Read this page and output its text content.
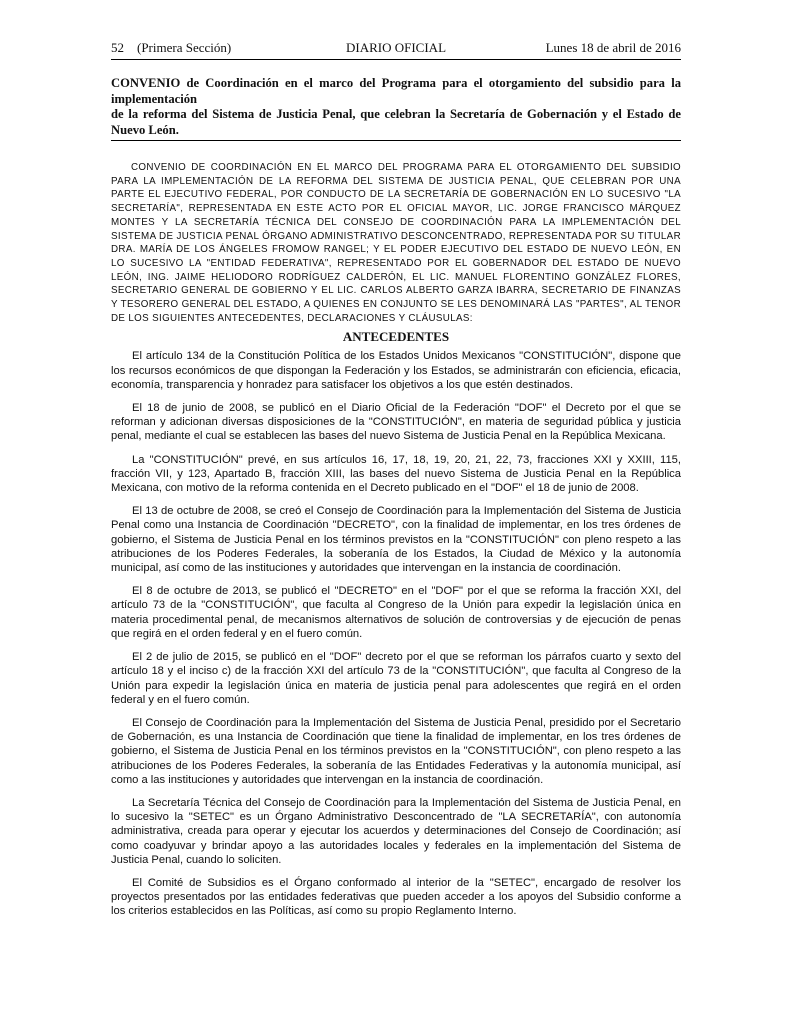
52 (Primera Sección)	DIARIO OFICIAL	Lunes 18 de abril de 2016
CONVENIO de Coordinación en el marco del Programa para el otorgamiento del subsidio para la implementación
de la reforma del Sistema de Justicia Penal, que celebran la Secretaría de Gobernación y el Estado de Nuevo León.
CONVENIO DE COORDINACIÓN EN EL MARCO DEL PROGRAMA PARA EL OTORGAMIENTO DEL SUBSIDIO PARA LA IMPLEMENTACIÓN DE LA REFORMA DEL SISTEMA DE JUSTICIA PENAL, QUE CELEBRAN POR UNA PARTE EL EJECUTIVO FEDERAL, POR CONDUCTO DE LA SECRETARÍA DE GOBERNACIÓN EN LO SUCESIVO "LA SECRETARÍA", REPRESENTADA EN ESTE ACTO POR EL OFICIAL MAYOR, LIC. JORGE FRANCISCO MÁRQUEZ MONTES Y LA SECRETARÍA TÉCNICA DEL CONSEJO DE COORDINACIÓN PARA LA IMPLEMENTACIÓN DEL SISTEMA DE JUSTICIA PENAL ÓRGANO ADMINISTRATIVO DESCONCENTRADO, REPRESENTADA POR SU TITULAR DRA. MARÍA DE LOS ÁNGELES FROMOW RANGEL; Y EL PODER EJECUTIVO DEL ESTADO DE NUEVO LEÓN, EN LO SUCESIVO LA "ENTIDAD FEDERATIVA", REPRESENTADO POR EL GOBERNADOR DEL ESTADO DE NUEVO LEÓN, ING. JAIME HELIODORO RODRÍGUEZ CALDERÓN, EL LIC. MANUEL FLORENTINO GONZÁLEZ FLORES, SECRETARIO GENERAL DE GOBIERNO Y EL LIC. CARLOS ALBERTO GARZA IBARRA, SECRETARIO DE FINANZAS Y TESORERO GENERAL DEL ESTADO, A QUIENES EN CONJUNTO SE LES DENOMINARÁ LAS "PARTES", AL TENOR DE LOS SIGUIENTES ANTECEDENTES, DECLARACIONES Y CLÁUSULAS:
ANTECEDENTES

El artículo 134 de la Constitución Política de los Estados Unidos Mexicanos "CONSTITUCIÓN", dispone que los recursos económicos de que dispongan la Federación y los Estados, se administrarán con eficiencia, eficacia, economía, transparencia y honradez para satisfacer los objetivos a los que estén destinados.

El 18 de junio de 2008, se publicó en el Diario Oficial de la Federación "DOF" el Decreto por el que se reforman y adicionan diversas disposiciones de la "CONSTITUCIÓN", en materia de seguridad pública y justicia penal, mediante el cual se establecen las bases del nuevo Sistema de Justicia Penal en la República Mexicana.

La "CONSTITUCIÓN" prevé, en sus artículos 16, 17, 18, 19, 20, 21, 22, 73, fracciones XXI y XXIII, 115, fracción VII, y 123, Apartado B, fracción XIII, las bases del nuevo Sistema de Justicia Penal en la República Mexicana, con motivo de la reforma contenida en el Decreto publicado en el "DOF" el 18 de junio de 2008.

El 13 de octubre de 2008, se creó el Consejo de Coordinación para la Implementación del Sistema de Justicia Penal como una Instancia de Coordinación "DECRETO", con la finalidad de implementar, en los tres órdenes de gobierno, el Sistema de Justicia Penal en los términos previstos en la "CONSTITUCIÓN" con pleno respeto a las atribuciones de los Poderes Federales, la soberanía de los Estados, la Ciudad de México y la autonomía municipal, así como de las instituciones y autoridades que intervengan en la instancia de coordinación.

El 8 de octubre de 2013, se publicó el "DECRETO" en el "DOF" por el que se reforma la fracción XXI, del artículo 73 de la "CONSTITUCIÓN", que faculta al Congreso de la Unión para expedir la legislación única en materia procedimental penal, de mecanismos alternativos de solución de controversias y de ejecución de penas que regirá en el orden federal y en el fuero común.

El 2 de julio de 2015, se publicó en el "DOF" decreto por el que se reforman los párrafos cuarto y sexto del artículo 18 y el inciso c) de la fracción XXI del artículo 73 de la "CONSTITUCIÓN", que faculta al Congreso de la Unión para expedir la legislación única en materia de justicia penal para adolescentes que regirá en el orden federal y en el fuero común.

El Consejo de Coordinación para la Implementación del Sistema de Justicia Penal, presidido por el Secretario de Gobernación, es una Instancia de Coordinación que tiene la finalidad de implementar, en los tres órdenes de gobierno, el Sistema de Justicia Penal en los términos previstos en la "CONSTITUCIÓN", con pleno respeto a las atribuciones de los Poderes Federales, la soberanía de las Entidades Federativas y la autonomía municipal, así como a las instituciones y autoridades que intervengan en la instancia de coordinación.

La Secretaría Técnica del Consejo de Coordinación para la Implementación del Sistema de Justicia Penal, en lo sucesivo la "SETEC" es un Órgano Administrativo Desconcentrado de "LA SECRETARÍA", con autonomía administrativa, creada para operar y ejecutar los acuerdos y determinaciones del Consejo de Coordinación; así como coadyuvar y brindar apoyo a las autoridades locales y federales en la implementación del Sistema de Justicia Penal, cuando lo soliciten.

El Comité de Subsidios es el Órgano conformado al interior de la "SETEC", encargado de resolver los proyectos presentados por las entidades federativas que pueden acceder a los apoyos del Subsidio conforme a los criterios establecidos en las Políticas, así como su propio Reglamento Interno.
